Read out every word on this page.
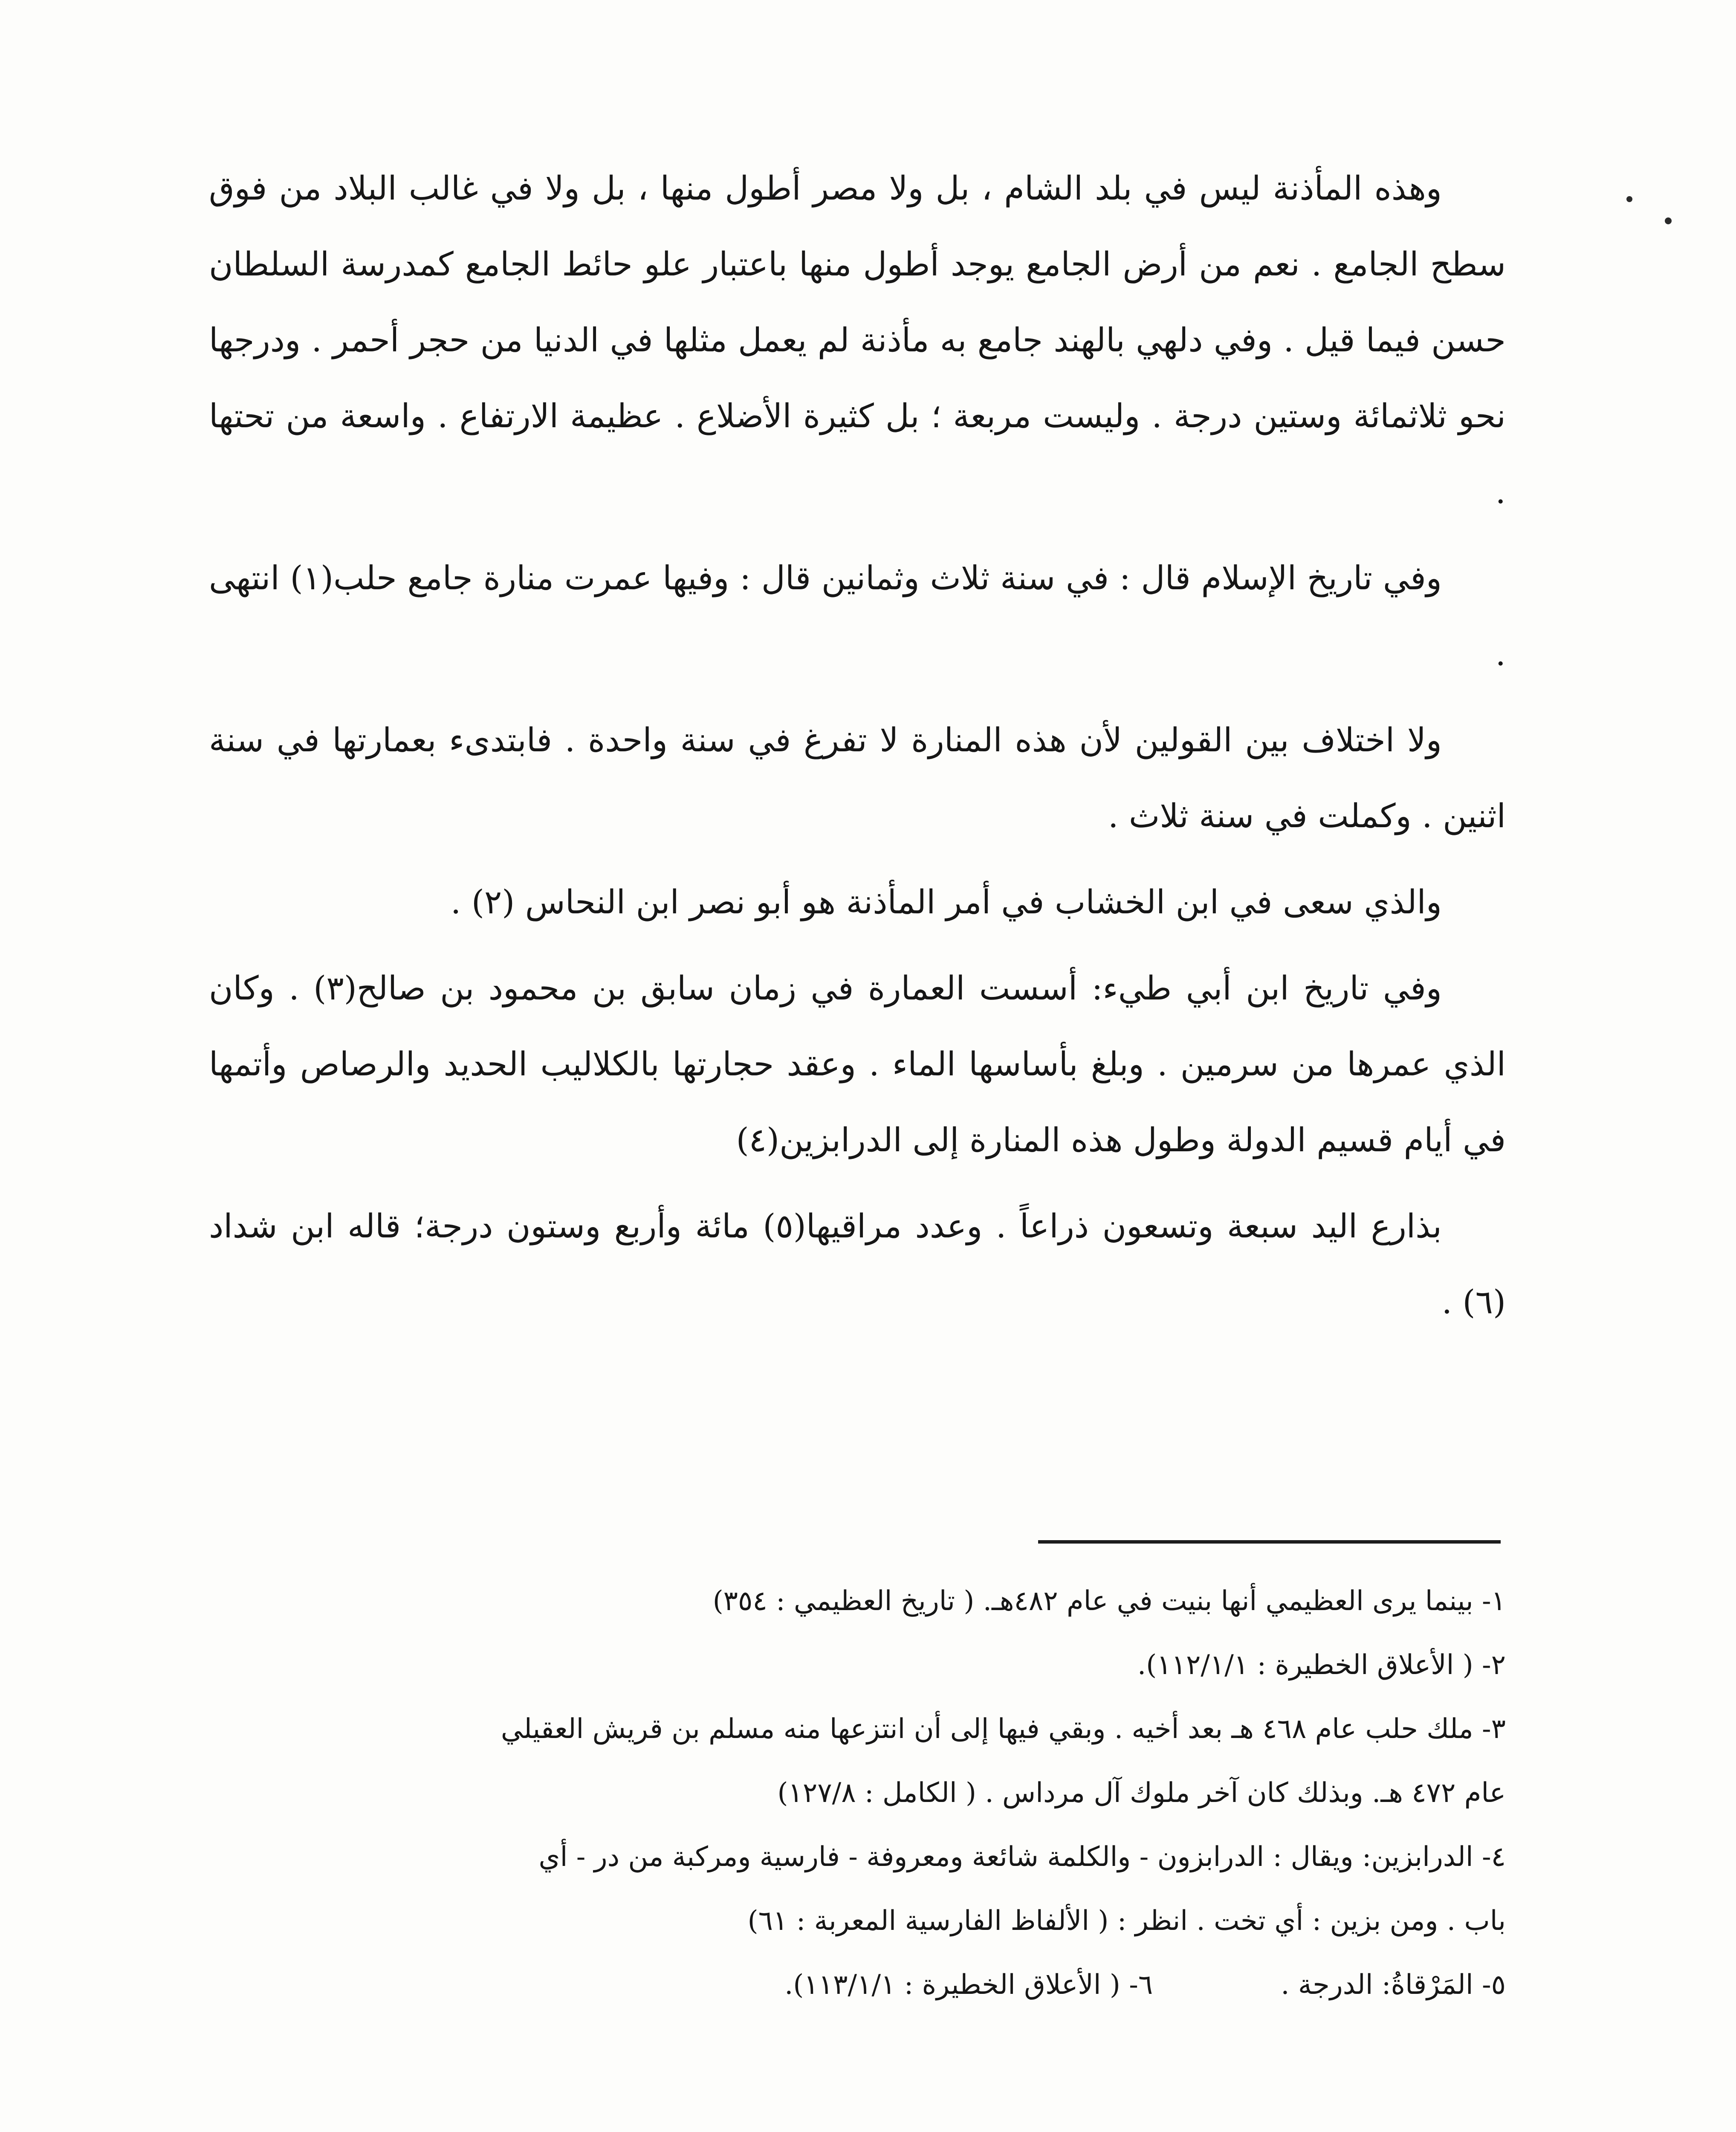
وهذه المأذنة ليس في بلد الشام ، بل ولا مصر أطول منها ، بل ولا في غالب البلاد من فوق سطح الجامع . نعم من أرض الجامع يوجد أطول منها باعتبار علو حائط الجامع كمدرسة السلطان حسن فيما قيل . وفي دلهي بالهند جامع به مأذنة لم يعمل مثلها في الدنيا من حجر أحمر . ودرجها نحو ثلاثمائة وستين درجة . وليست مربعة ؛ بل كثيرة الأضلاع . عظيمة الارتفاع . واسعة من تحتها .

وفي تاريخ الإسلام قال : في سنة ثلاث وثمانين قال : وفيها عمرت منارة جامع حلب(١) انتهى .

ولا اختلاف بين القولين لأن هذه المنارة لا تفرغ في سنة واحدة . فابتدىء بعمارتها في سنة اثنين . وكملت في سنة ثلاث .

والذي سعى في ابن الخشاب في أمر المأذنة هو أبو نصر ابن النحاس (٢) .

وفي تاريخ ابن أبي طيء: أسست العمارة في زمان سابق بن محمود بن صالح(٣) . وكان الذي عمرها من سرمين . وبلغ بأساسها الماء . وعقد حجارتها بالكلاليب الحديد والرصاص وأتمها في أيام قسيم الدولة وطول هذه المنارة إلى الدرابزين(٤)

بذارع اليد سبعة وتسعون ذراعاً . وعدد مراقيها(٥) مائة وأربع وستون درجة؛ قاله ابن شداد (٦) .

١- بينما يرى العظيمي أنها بنيت في عام ٤٨٢هـ. ( تاريخ العظيمي : ٣٥٤)

٢- ( الأعلاق الخطيرة : ١١٢/١/١).

٣- ملك حلب عام ٤٦٨ هـ بعد أخيه . وبقي فيها إلى أن انتزعها منه مسلم بن قريش العقيلي

عام ٤٧٢ هـ. وبذلك كان آخر ملوك آل مرداس . ( الكامل : ١٢٧/٨)

٤- الدرابزين: ويقال : الدرابزون - والكلمة شائعة ومعروفة - فارسية ومركبة من در - أي

باب . ومن بزين : أي تخت . انظر : ( الألفاظ الفارسية المعربة : ٦١)

٥- المَرْقاةُ: الدرجة .
٦- ( الأعلاق الخطيرة : ١١٣/١/١).
